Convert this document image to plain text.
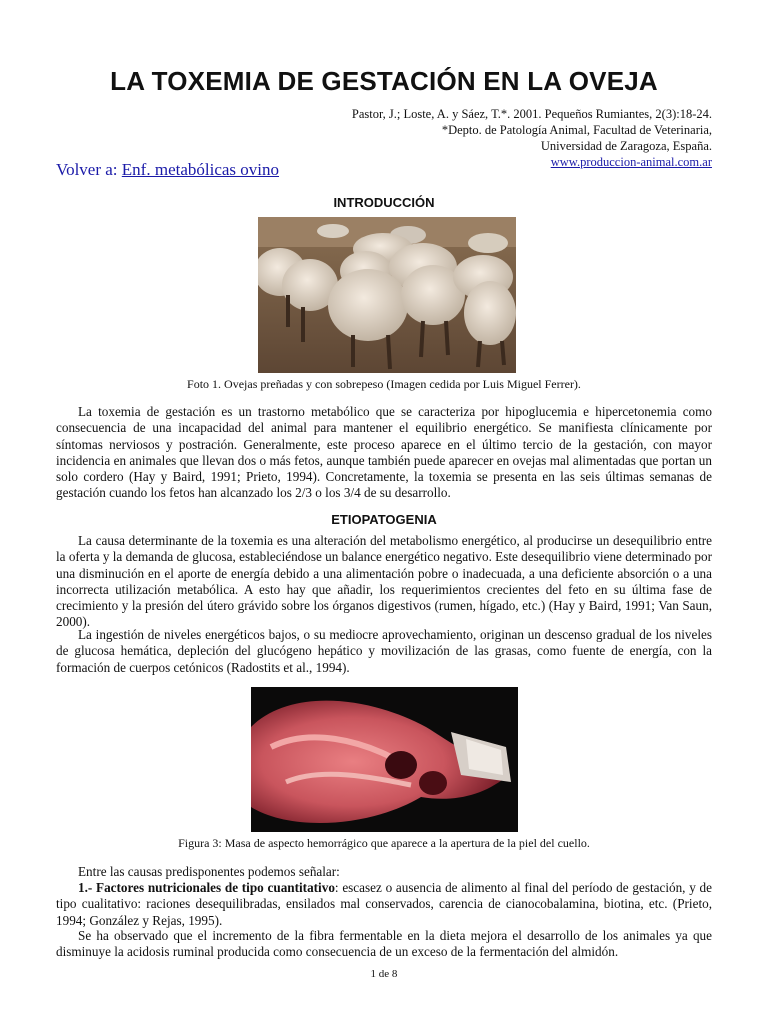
LA TOXEMIA DE GESTACIÓN EN LA OVEJA
Pastor, J.; Loste, A. y Sáez, T.*. 2001. Pequeños Rumiantes, 2(3):18-24.
*Depto. de Patología Animal, Facultad de Veterinaria,
Universidad de Zaragoza, España.
www.produccion-animal.com.ar
Volver a: Enf. metabólicas ovino
INTRODUCCIÓN
Foto 1. Ovejas preñadas y con sobrepeso (Imagen cedida por Luis Miguel Ferrer).

La toxemia de gestación es un trastorno metabólico que se caracteriza por hipoglucemia e hipercetonemia como consecuencia de una incapacidad del animal para mantener el equilibrio energético. Se manifiesta clínicamente por síntomas nerviosos y postración. Generalmente, este proceso aparece en el último tercio de la gestación, con mayor incidencia en animales que llevan dos o más fetos, aunque también puede aparecer en ovejas mal alimentadas que portan un solo cordero (Hay y Baird, 1991; Prieto, 1994). Concretamente, la toxemia se presenta en las seis últimas semanas de gestación cuando los fetos han alcanzado los 2/3 o los 3/4 de su desarrollo.

ETIOPATOGENIA

La causa determinante de la toxemia es una alteración del metabolismo energético, al producirse un desequilibrio entre la oferta y la demanda de glucosa, estableciéndose un balance energético negativo. Este desequilibrio viene determinado por una disminución en el aporte de energía debido a una alimentación pobre o inadecuada, a una deficiente absorción o a una incorrecta utilización metabólica. A esto hay que añadir, los requerimientos crecientes del feto en su última fase de crecimiento y la presión del útero grávido sobre los órganos digestivos (rumen, hígado, etc.) (Hay y Baird, 1991; Van Saun, 2000).

La ingestión de niveles energéticos bajos, o su mediocre aprovechamiento, originan un descenso gradual de los niveles de glucosa hemática, depleción del glucógeno hepático y movilización de las grasas, como fuente de energía, con la formación de cuerpos cetónicos (Radostits et al., 1994).

Figura 3: Masa de aspecto hemorrágico que aparece a la apertura de la piel del cuello.

Entre las causas predisponentes podemos señalar:

1.- Factores nutricionales de tipo cuantitativo: escasez o ausencia de alimento al final del período de gestación, y de tipo cualitativo: raciones desequilibradas, ensilados mal conservados, carencia de cianocobalamina, biotina, etc. (Prieto, 1994; González y Rejas, 1995).

Se ha observado que el incremento de la fibra fermentable en la dieta mejora el desarrollo de los animales ya que disminuye la acidosis ruminal producida como consecuencia de un exceso de la fermentación del almidón.

1 de 8
